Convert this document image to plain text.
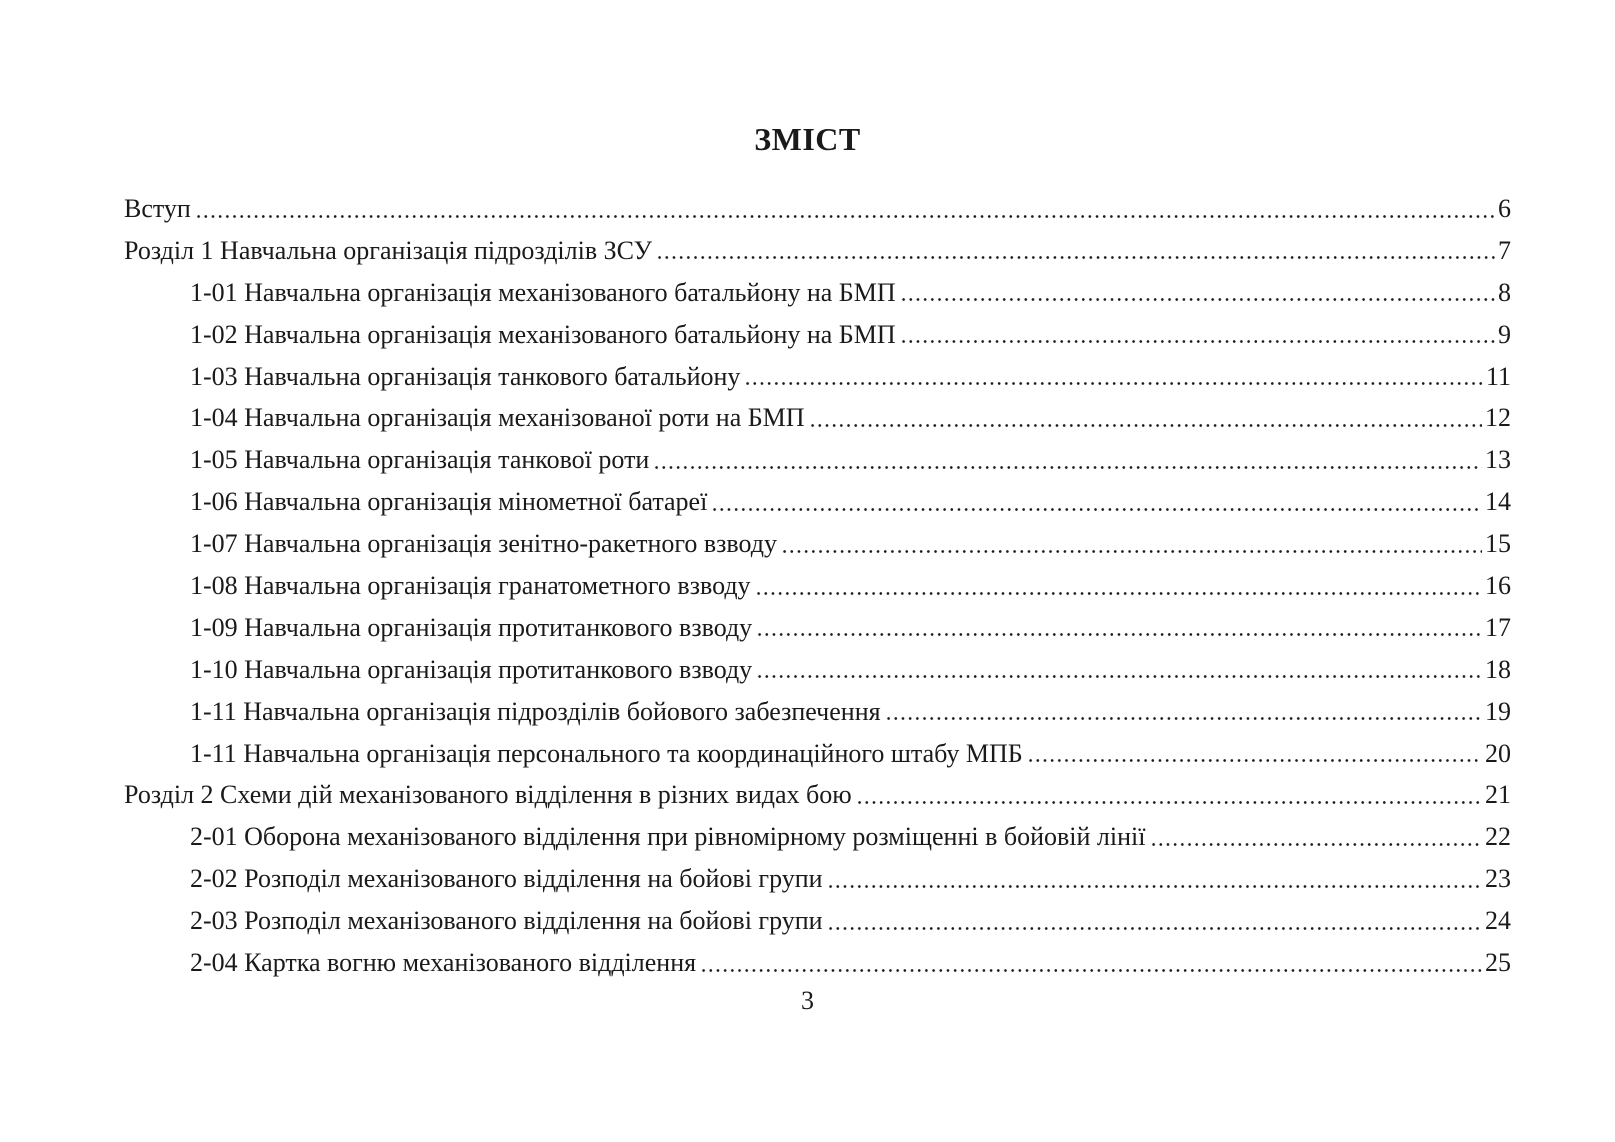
ЗМІСТ
Вступ	6
Розділ 1 Навчальна організація підрозділів ЗСУ	7
1-01 Навчальна організація механізованого батальйону на БМП	8
1-02 Навчальна організація механізованого батальйону на БМП	9
1-03 Навчальна організація танкового батальйону	11
1-04 Навчальна організація механізованої роти на БМП	12
1-05 Навчальна організація танкової роти	13
1-06 Навчальна організація мінометної батареї	14
1-07 Навчальна організація зенітно-ракетного взводу	15
1-08 Навчальна організація гранатометного взводу	16
1-09 Навчальна організація протитанкового взводу	17
1-10 Навчальна організація протитанкового взводу	18
1-11 Навчальна організація підрозділів бойового забезпечення	19
1-11 Навчальна організація персонального та координаційного штабу МПБ	20
Розділ 2 Схеми дій механізованого відділення в різних видах бою	21
2-01 Оборона механізованого відділення при рівномірному розміщенні в бойовій лінії	22
2-02 Розподіл механізованого відділення на бойові групи	23
2-03 Розподіл механізованого відділення на бойові групи	24
2-04 Картка вогню механізованого відділення	25
3
